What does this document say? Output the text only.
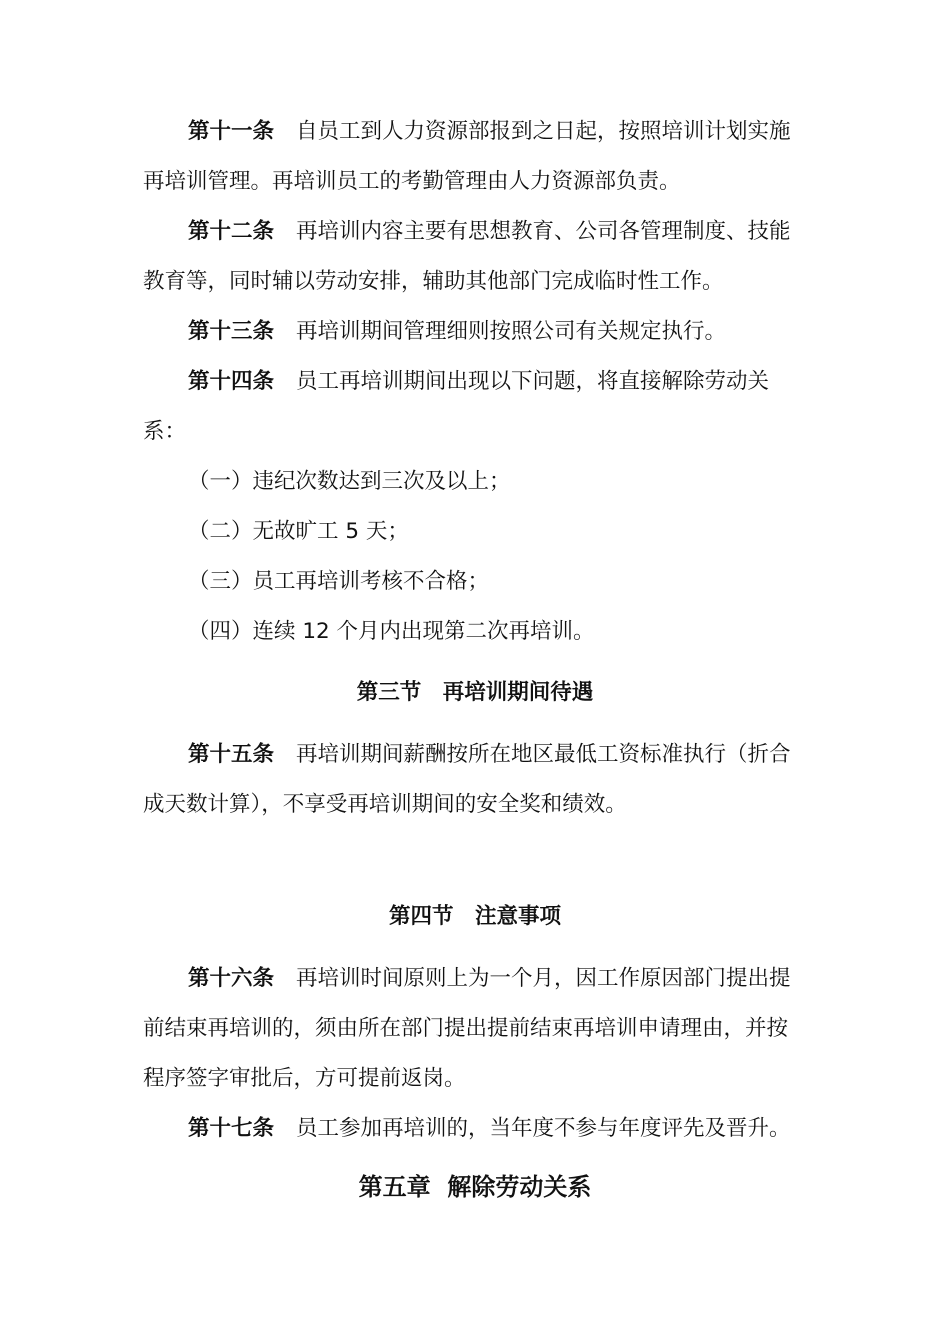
第十一条 自员工到人力资源部报到之日起，按照培训计划实施
再培训管理。再培训员工的考勤管理由人力资源部负责。
第十二条 再培训内容主要有思想教育、公司各管理制度、技能
教育等，同时辅以劳动安排，辅助其他部门完成临时性工作。
第十三条 再培训期间管理细则按照公司有关规定执行。
第十四条 员工再培训期间出现以下问题，将直接解除劳动关
系：
（一）违纪次数达到三次及以上；
（二）无故旷工 5 天；
（三）员工再培训考核不合格；
（四）连续 12 个月内出现第二次再培训。
第三节　再培训期间待遇
第十五条 再培训期间薪酬按所在地区最低工资标准执行（折合
成天数计算），不享受再培训期间的安全奖和绩效。
第四节　注意事项
第十六条 再培训时间原则上为一个月，因工作原因部门提出提
前结束再培训的，须由所在部门提出提前结束再培训申请理由，并按
程序签字审批后，方可提前返岗。
第十七条 员工参加再培训的，当年度不参与年度评先及晋升。
第五章  解除劳动关系
